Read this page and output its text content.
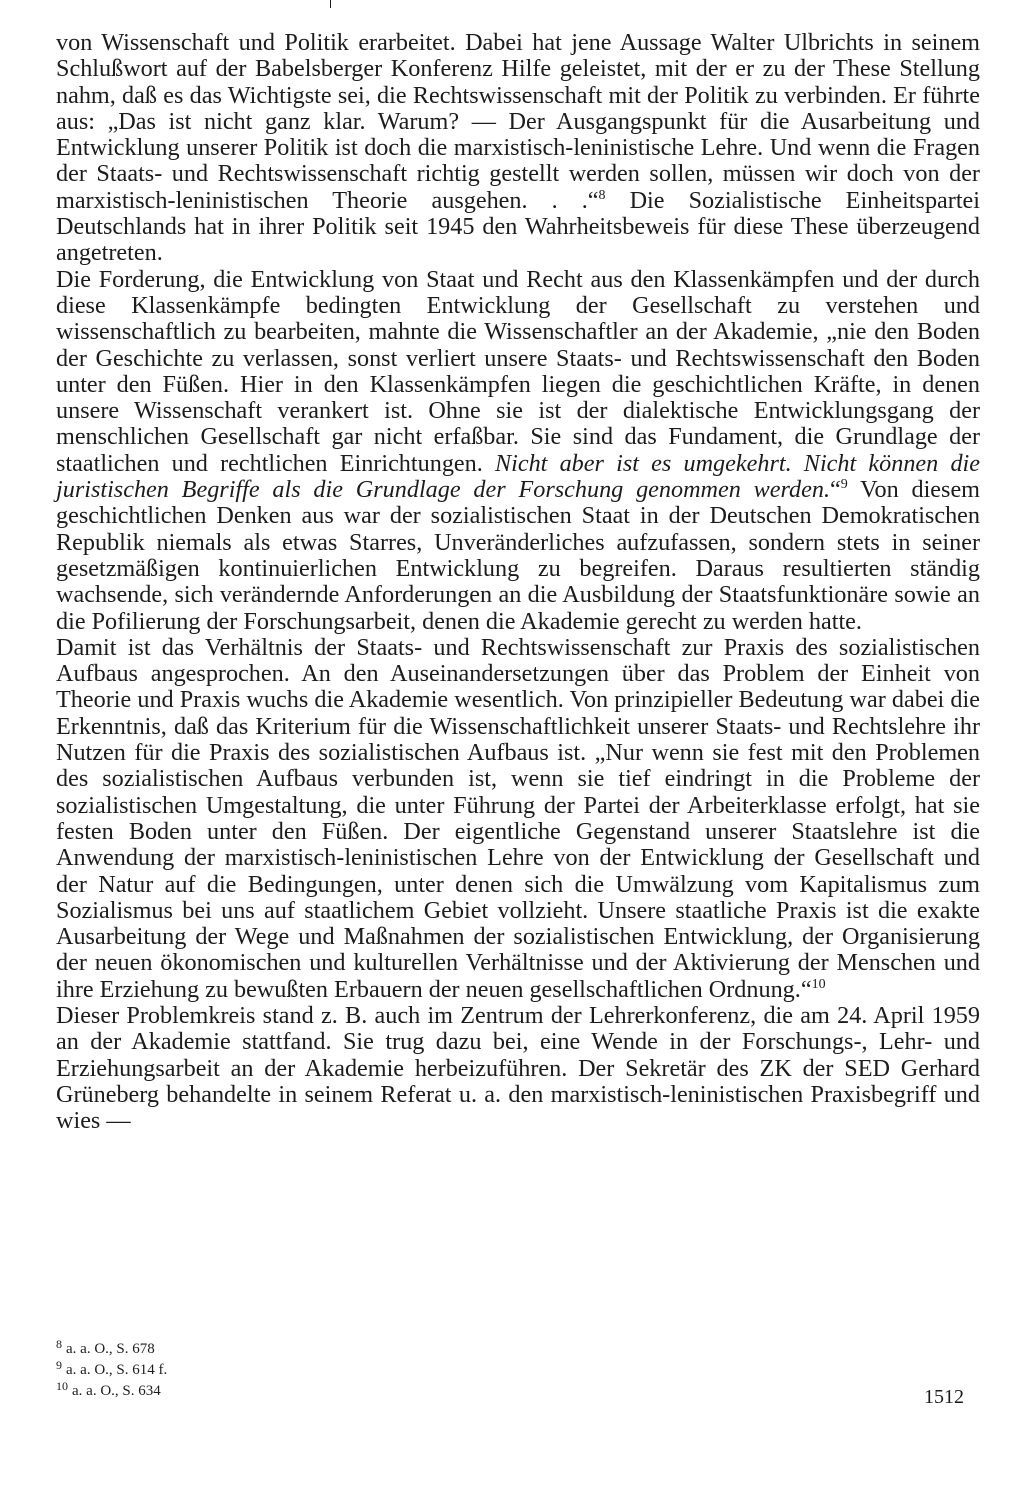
von Wissenschaft und Politik erarbeitet. Dabei hat jene Aussage Walter Ulbrichts in seinem Schlußwort auf der Babelsberger Konferenz Hilfe geleistet, mit der er zu der These Stellung nahm, daß es das Wichtigste sei, die Rechtswissenschaft mit der Politik zu verbinden. Er führte aus: „Das ist nicht ganz klar. Warum? — Der Ausgangspunkt für die Ausarbeitung und Entwicklung unserer Politik ist doch die marxistisch-leninistische Lehre. Und wenn die Fragen der Staats- und Rechtswissenschaft richtig gestellt werden sollen, müssen wir doch von der marxistisch-leninistischen Theorie ausgehen. . .“$^8$ Die Sozialistische Einheitspartei Deutschlands hat in ihrer Politik seit 1945 den Wahrheitsbeweis für diese These überzeugend angetreten.

Die Forderung, die Entwicklung von Staat und Recht aus den Klassenkämpfen und der durch diese Klassenkämpfe bedingten Entwicklung der Gesellschaft zu verstehen und wissenschaftlich zu bearbeiten, mahnte die Wissenschaftler an der Akademie, „nie den Boden der Geschichte zu verlassen, sonst verliert unsere Staats- und Rechtswissenschaft den Boden unter den Füßen. Hier in den Klassenkämpfen liegen die geschichtlichen Kräfte, in denen unsere Wissenschaft verankert ist. Ohne sie ist der dialektische Entwicklungsgang der menschlichen Gesellschaft gar nicht erfaßbar. Sie sind das Fundament, die Grundlage der staatlichen und rechtlichen Einrichtungen. Nicht aber ist es umgekehrt. Nicht können die juristischen Begriffe als die Grundlage der Forschung genommen werden.“$^9$ Von diesem geschichtlichen Denken aus war der sozialistischen Staat in der Deutschen Demokratischen Republik niemals als etwas Starres, Unveränderliches aufzufassen, sondern stets in seiner gesetzmäßigen kontinuierlichen Entwicklung zu begreifen. Daraus resultierten ständig wachsende, sich verändernde Anforderungen an die Ausbildung der Staatsfunktionäre sowie an die Pofilierung der Forschungsarbeit, denen die Akademie gerecht zu werden hatte.

Damit ist das Verhältnis der Staats- und Rechtswissenschaft zur Praxis des sozialistischen Aufbaus angesprochen. An den Auseinandersetzungen über das Problem der Einheit von Theorie und Praxis wuchs die Akademie wesentlich. Von prinzipieller Bedeutung war dabei die Erkenntnis, daß das Kriterium für die Wissenschaftlichkeit unserer Staats- und Rechtslehre ihr Nutzen für die Praxis des sozialistischen Aufbaus ist. „Nur wenn sie fest mit den Problemen des sozialistischen Aufbaus verbunden ist, wenn sie tief eindringt in die Probleme der sozialistischen Umgestaltung, die unter Führung der Partei der Arbeiterklasse erfolgt, hat sie festen Boden unter den Füßen. Der eigentliche Gegenstand unserer Staatslehre ist die Anwendung der marxistisch-leninistischen Lehre von der Entwicklung der Gesellschaft und der Natur auf die Bedingungen, unter denen sich die Umwälzung vom Kapitalismus zum Sozialismus bei uns auf staatlichem Gebiet vollzieht. Unsere staatliche Praxis ist die exakte Ausarbeitung der Wege und Maßnahmen der sozialistischen Entwicklung, der Organisierung der neuen ökonomischen und kulturellen Verhältnisse und der Aktivierung der Menschen und ihre Erziehung zu bewußten Erbauern der neuen gesellschaftlichen Ordnung.“$^{10}$

Dieser Problemkreis stand z. B. auch im Zentrum der Lehrerkonferenz, die am 24. April 1959 an der Akademie stattfand. Sie trug dazu bei, eine Wende in der Forschungs-, Lehr- und Erziehungsarbeit an der Akademie herbeizuführen. Der Sekretär des ZK der SED Gerhard Grüneberg behandelte in seinem Referat u. a. den marxistisch-leninistischen Praxisbegriff und wies —

$^8$ a. a. O., S. 678
$^9$ a. a. O., S. 614 f.
$^{10}$ a. a. O., S. 634	1512
